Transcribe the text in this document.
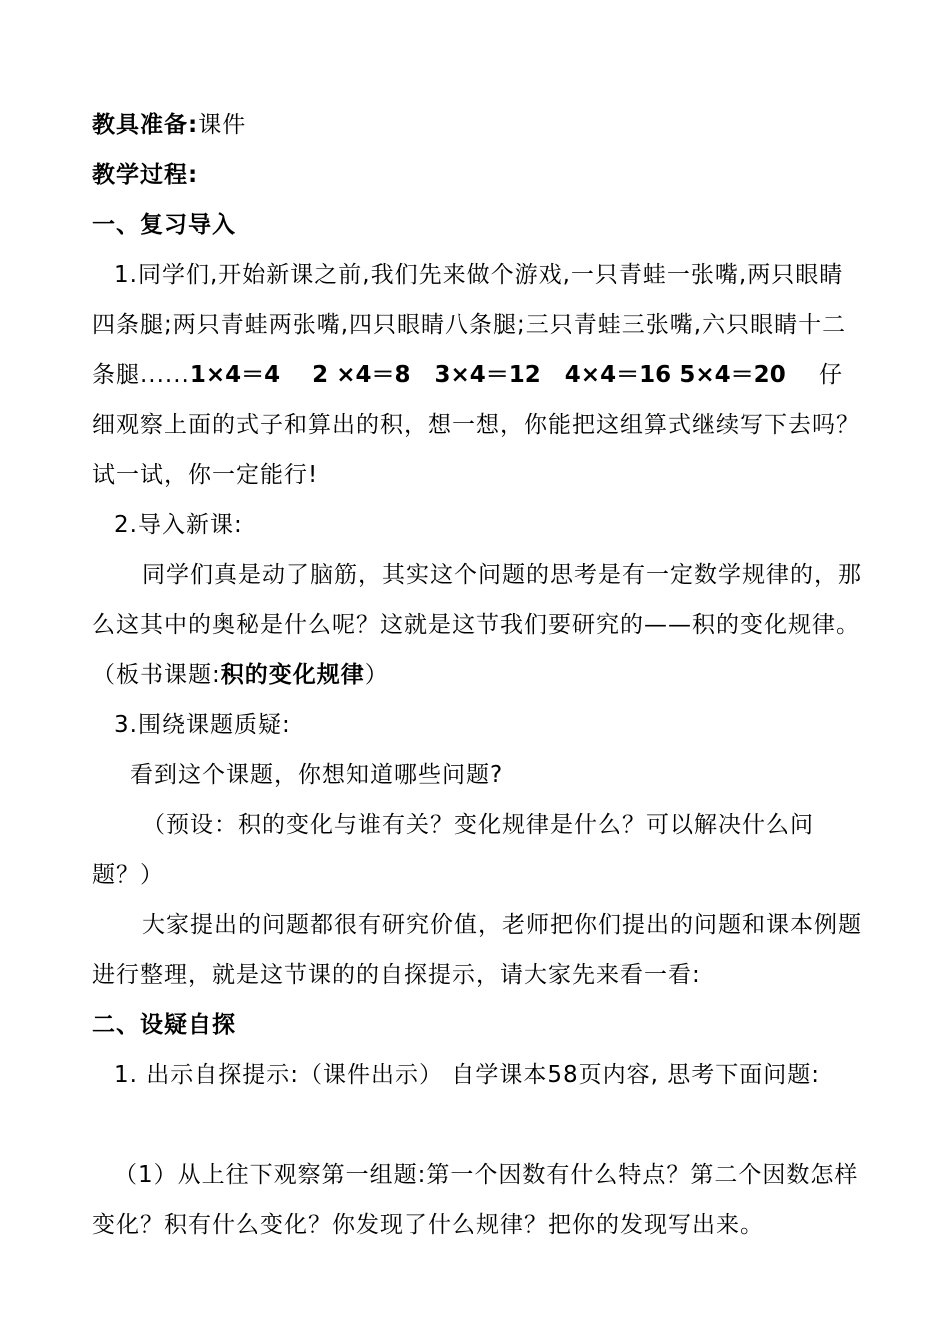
教具准备:课件
教学过程:
一、复习导入
1.同学们,开始新课之前,我们先来做个游戏,一只青蛙一张嘴,两只眼睛四条腿;两只青蛙两张嘴,四只眼睛八条腿;三只青蛙三张嘴,六只眼睛十二条腿......1×4＝4    2 ×4＝8   3×4＝12   4×4＝16 5×4＝20 仔细观察上面的式子和算出的积，想一想，你能把这组算式继续写下去吗？试一试，你一定能行!
2.导入新课:
同学们真是动了脑筋，其实这个问题的思考是有一定数学规律的，那么这其中的奥秘是什么呢？这就是这节我们要研究的——积的变化规律。（板书课题:积的变化规律）
3.围绕课题质疑:
看到这个课题，你想知道哪些问题?
（预设：积的变化与谁有关？变化规律是什么？可以解决什么问题？）
大家提出的问题都很有研究价值，老师把你们提出的问题和课本例题进行整理，就是这节课的的自探提示，请大家先来看一看:
二、设疑自探
1. 出示自探提示:（课件出示） 自学课本58页内容, 思考下面问题:
（1）从上往下观察第一组题:第一个因数有什么特点？第二个因数怎样变化？积有什么变化？你发现了什么规律？把你的发现写出来。
